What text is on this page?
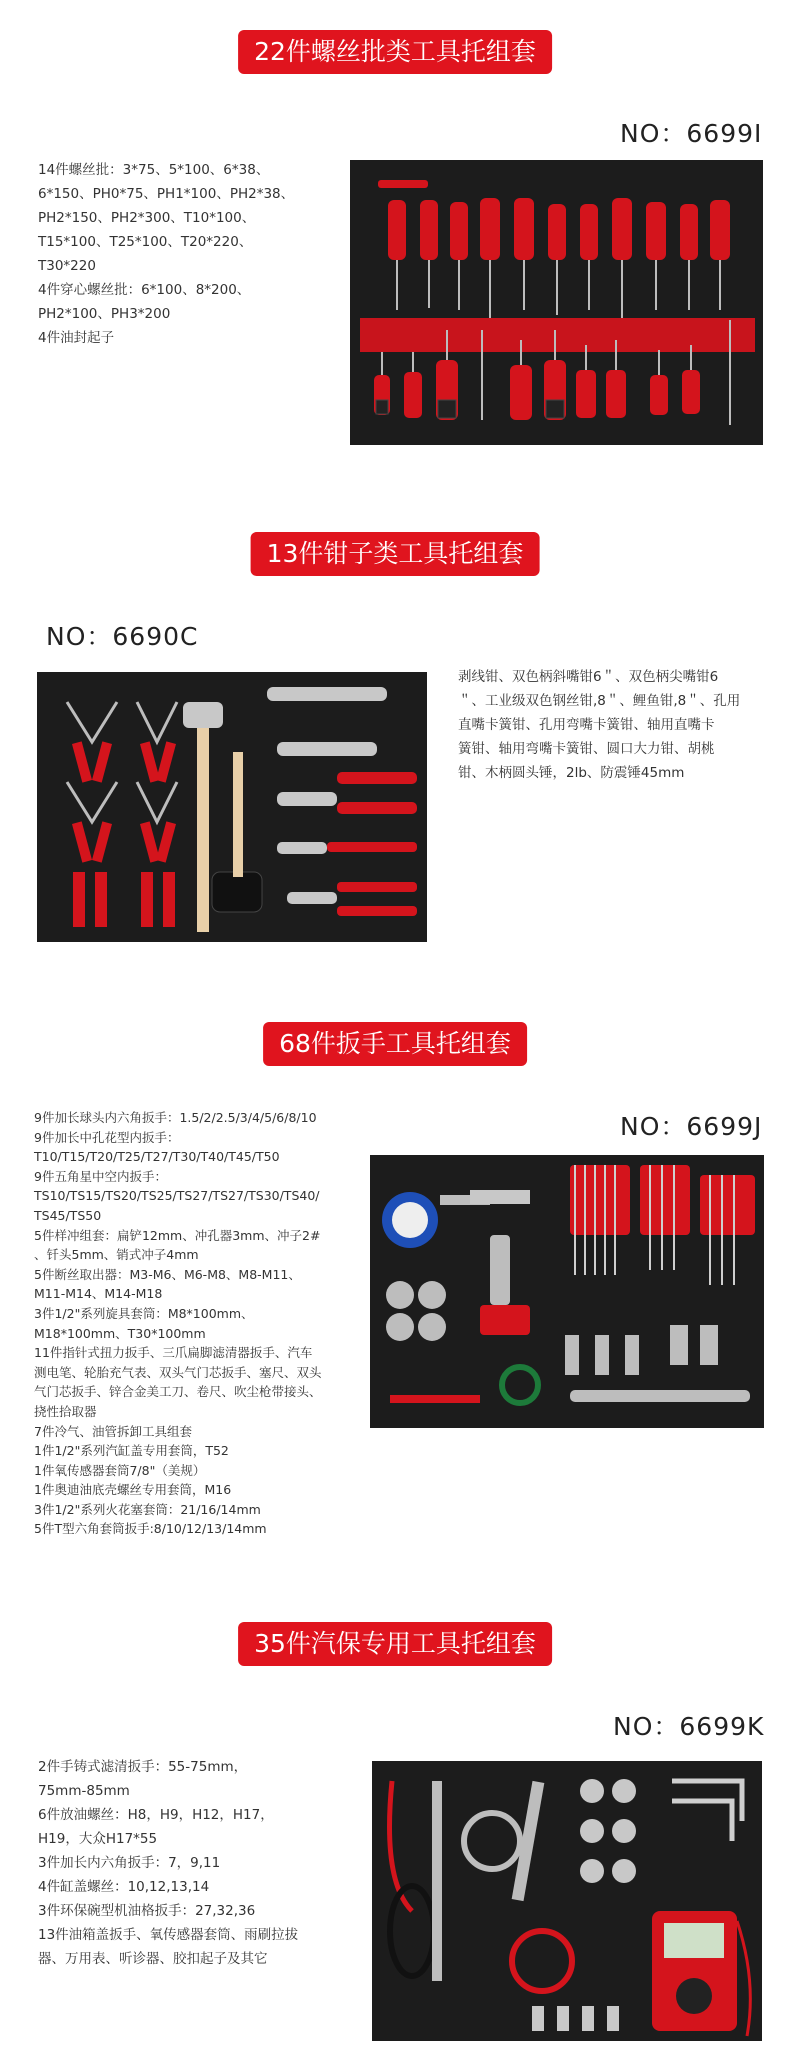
22件螺丝批类工具托组套
NO：6699I
14件螺丝批：3*75、5*100、6*38、
6*150、PH0*75、PH1*100、PH2*38、
PH2*150、PH2*300、T10*100、
T15*100、T25*100、T20*220、
T30*220
4件穿心螺丝批：6*100、8*200、
PH2*100、PH3*200
4件油封起子
13件钳子类工具托组套
NO：6690C
剥线钳、双色柄斜嘴钳6＂、双色柄尖嘴钳6
＂、工业级双色钢丝钳,8＂、鲤鱼钳,8＂、孔用
直嘴卡簧钳、孔用弯嘴卡簧钳、轴用直嘴卡
簧钳、轴用弯嘴卡簧钳、圆口大力钳、胡桃
钳、木柄圆头锤，2lb、防震锤45mm
68件扳手工具托组套
NO：6699J
9件加长球头内六角扳手：1.5/2/2.5/3/4/5/6/8/10
9件加长中孔花型内扳手：
T10/T15/T20/T25/T27/T30/T40/T45/T50
9件五角星中空内扳手：
TS10/TS15/TS20/TS25/TS27/TS27/TS30/TS40/
TS45/TS50
5件样冲组套：扁铲12mm、冲孔器3mm、冲子2#
、钎头5mm、销式冲子4mm
5件断丝取出器：M3-M6、M6-M8、M8-M11、
M11-M14、M14-M18
3件1/2"系列旋具套筒：M8*100mm、
M18*100mm、T30*100mm
11件指针式扭力扳手、三爪扁脚滤清器扳手、汽车
测电笔、轮胎充气表、双头气门芯扳手、塞尺、双头
气门芯扳手、锌合金美工刀、卷尺、吹尘枪带接头、
挠性拾取器
7件冷气、油管拆卸工具组套
1件1/2"系列汽缸盖专用套筒，T52
1件氧传感器套筒7/8"（美规）
1件奥迪油底壳螺丝专用套筒，M16
3件1/2"系列火花塞套筒：21/16/14mm
5件T型六角套筒扳手:8/10/12/13/14mm
35件汽保专用工具托组套
NO：6699K
2件手铸式滤清扳手：55-75mm，
75mm-85mm
6件放油螺丝：H8，H9，H12，H17，
H19，大众H17*55
3件加长内六角扳手：7，9,11
4件缸盖螺丝：10,12,13,14
3件环保碗型机油格扳手：27,32,36
13件油箱盖扳手、氧传感器套筒、雨刷拉拔
器、万用表、听诊器、胶扣起子及其它
